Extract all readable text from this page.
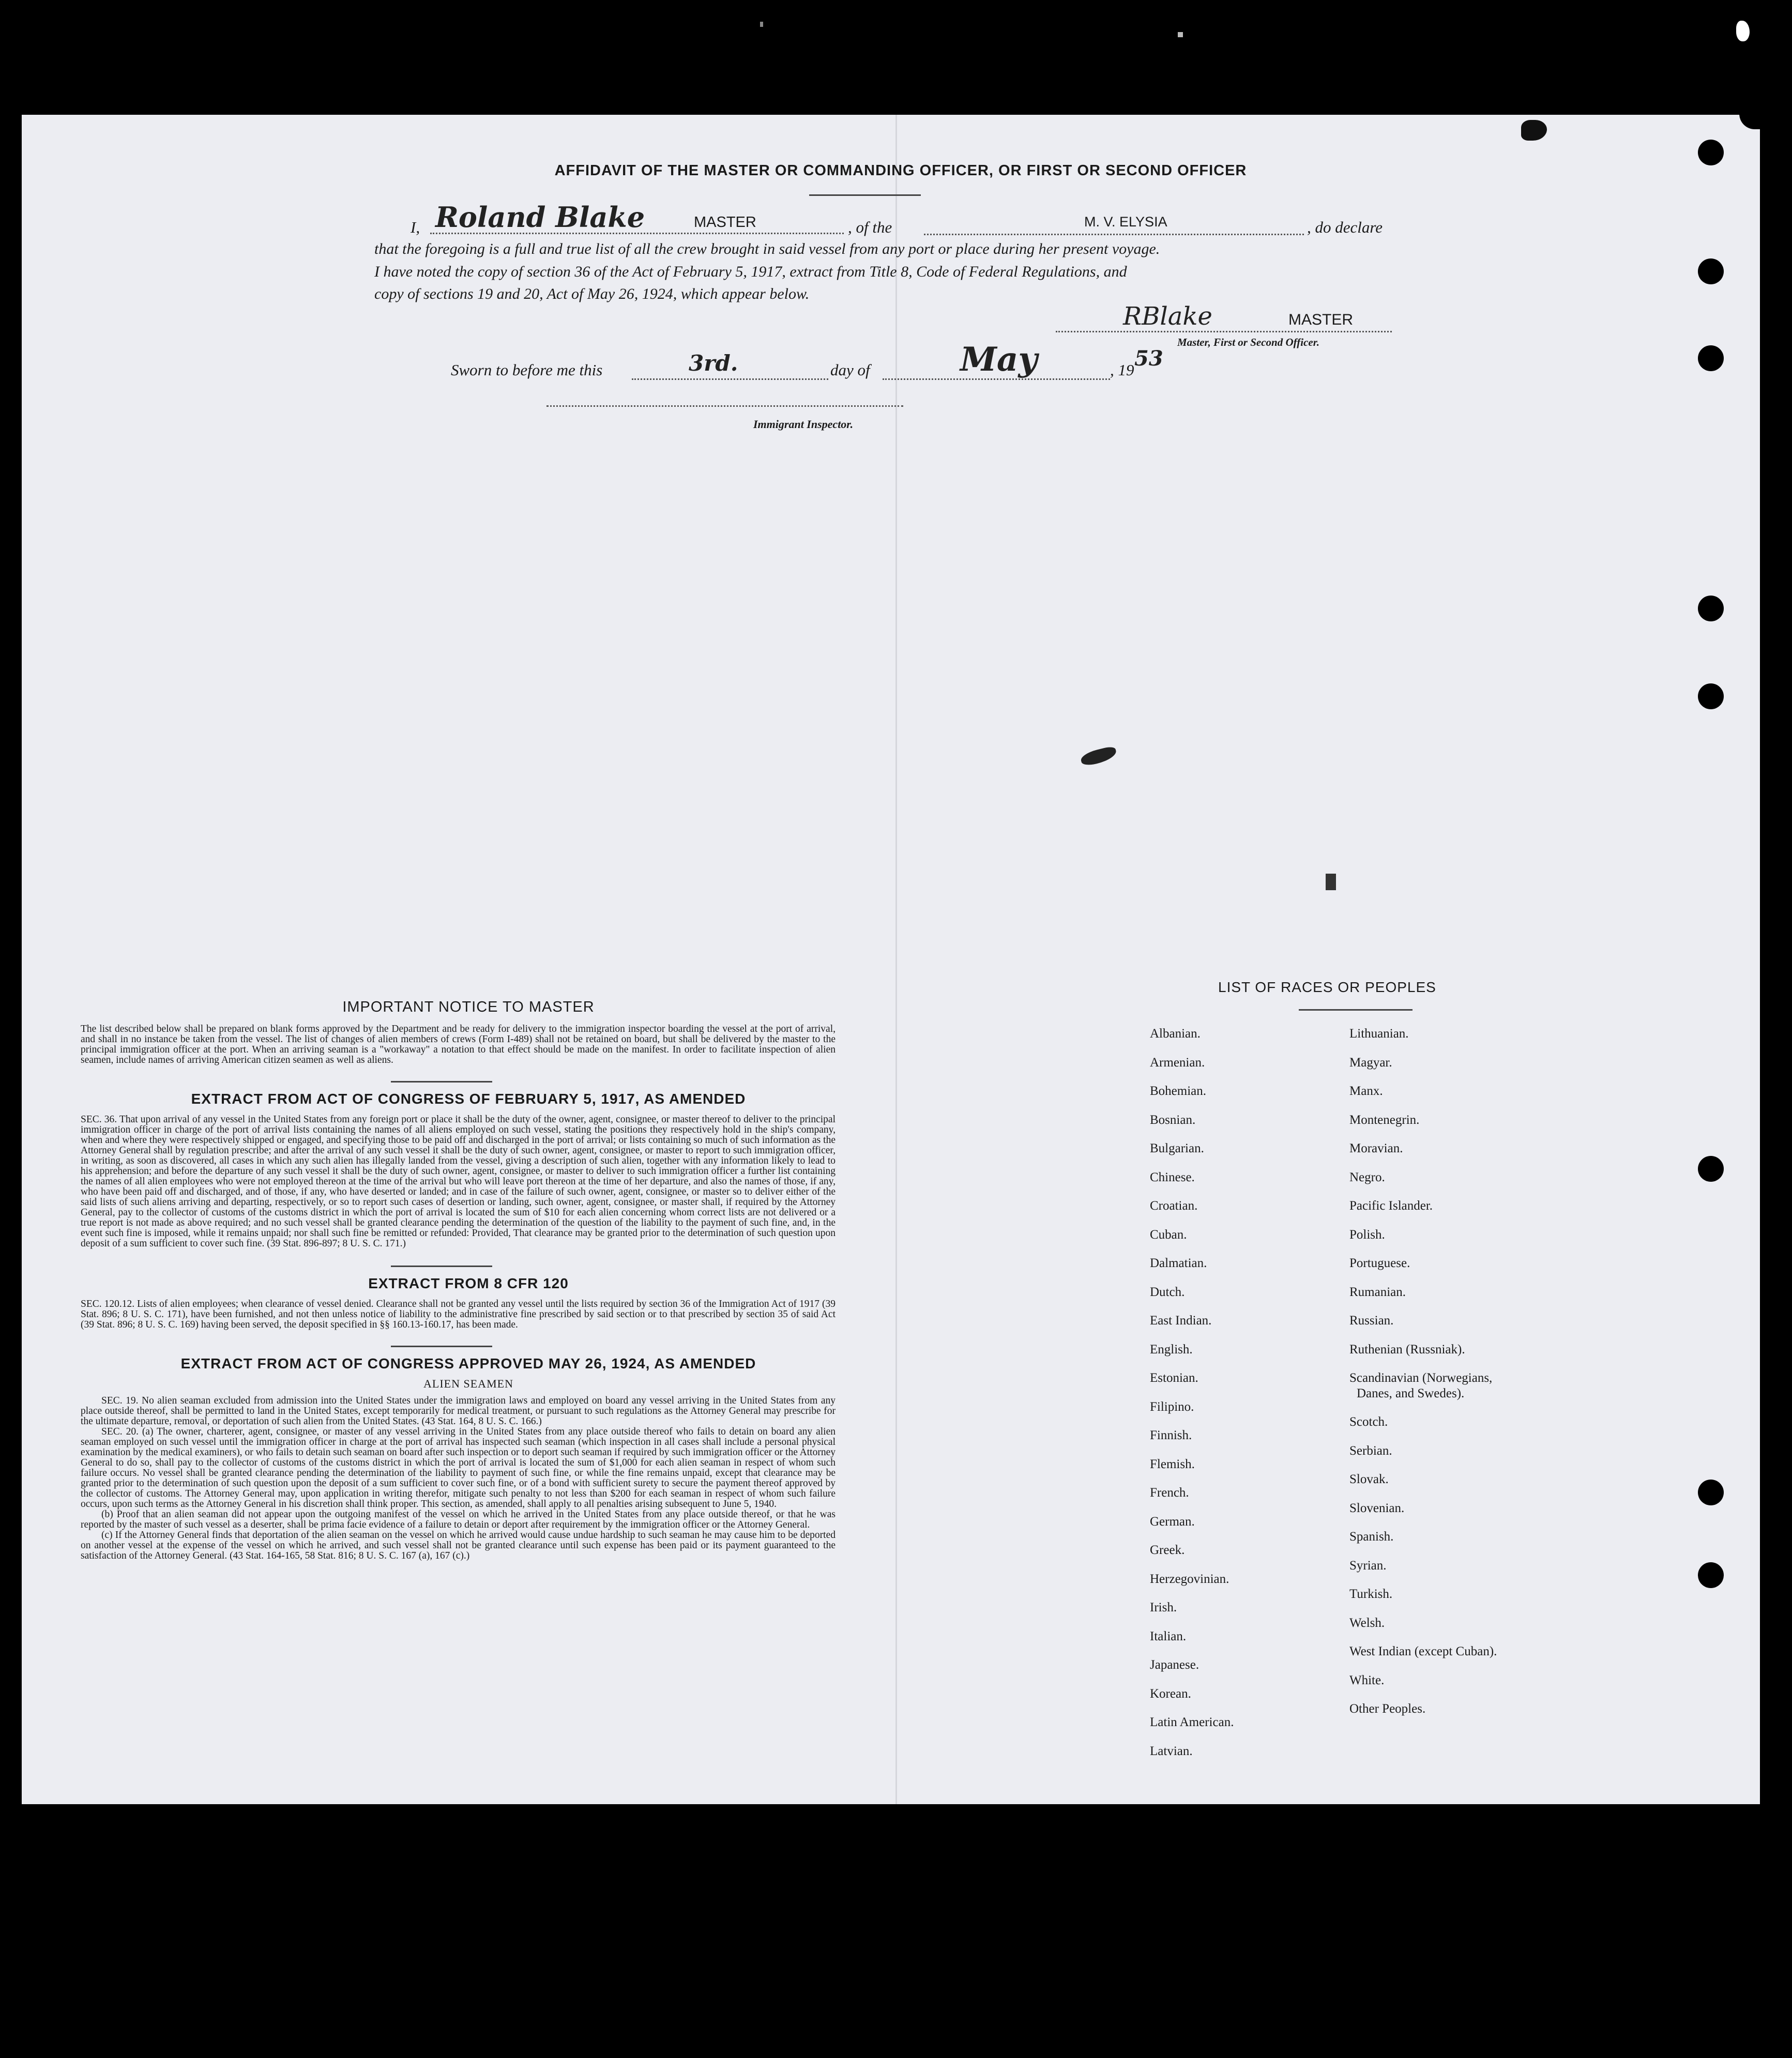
AFFIDAVIT OF THE MASTER OR COMMANDING OFFICER, OR FIRST OR SECOND OFFICER
I, Roland Blake	MASTER	, of the	M. V. ELYSIA	, do declare
that the foregoing is a full and true list of all the crew brought in said vessel from any port or place during her present voyage.
I have noted the copy of section 36 of the Act of February 5, 1917, extract from Title 8, Code of Federal Regulations, and
copy of sections 19 and 20, Act of May 26, 1924, which appear below.
RBlake	MASTER
Master, First or Second Officer.
Sworn to before me this	3rd.	day of	May	, 19 53
Immigrant Inspector.
IMPORTANT NOTICE TO MASTER
The list described below shall be prepared on blank forms approved by the Department and be ready for delivery to the immigration inspector boarding the vessel at the port of arrival, and shall in no instance be taken from the vessel. The list of changes of alien members of crews (Form I-489) shall not be retained on board, but shall be delivered by the master to the principal immigration officer at the port. When an arriving seaman is a "workaway" a notation to that effect should be made on the manifest. In order to facilitate inspection of alien seamen, include names of arriving American citizen seamen as well as aliens.
EXTRACT FROM ACT OF CONGRESS OF FEBRUARY 5, 1917, AS AMENDED
SEC. 36. That upon arrival of any vessel in the United States from any foreign port or place it shall be the duty of the owner, agent, consignee, or master thereof to deliver to the principal immigration officer in charge of the port of arrival lists containing the names of all aliens employed on such vessel, stating the positions they respectively hold in the ship's company, when and where they were respectively shipped or engaged, and specifying those to be paid off and discharged in the port of arrival; or lists containing so much of such information as the Attorney General shall by regulation prescribe; and after the arrival of any such vessel it shall be the duty of such owner, agent, consignee, or master to report to such immigration officer, in writing, as soon as discovered, all cases in which any such alien has illegally landed from the vessel, giving a description of such alien, together with any information likely to lead to his apprehension; and before the departure of any such vessel it shall be the duty of such owner, agent, consignee, or master to deliver to such immigration officer a further list containing the names of all alien employees who were not employed thereon at the time of the arrival but who will leave port thereon at the time of her departure, and also the names of those, if any, who have been paid off and discharged, and of those, if any, who have deserted or landed; and in case of the failure of such owner, agent, consignee, or master so to deliver either of the said lists of such aliens arriving and departing, respectively, or so to report such cases of desertion or landing, such owner, agent, consignee, or master shall, if required by the Attorney General, pay to the collector of customs of the customs district in which the port of arrival is located the sum of $10 for each alien concerning whom correct lists are not delivered or a true report is not made as above required; and no such vessel shall be granted clearance pending the determination of the question of the liability to the payment of such fine, and, in the event such fine is imposed, while it remains unpaid; nor shall such fine be remitted or refunded: Provided, That clearance may be granted prior to the determination of such question upon deposit of a sum sufficient to cover such fine. (39 Stat. 896-897; 8 U. S. C. 171.)
EXTRACT FROM 8 CFR 120
SEC. 120.12. Lists of alien employees; when clearance of vessel denied. Clearance shall not be granted any vessel until the lists required by section 36 of the Immigration Act of 1917 (39 Stat. 896; 8 U. S. C. 171), have been furnished, and not then unless notice of liability to the administrative fine prescribed by said section or to that prescribed by section 35 of said Act (39 Stat. 896; 8 U. S. C. 169) having been served, the deposit specified in §§ 160.13-160.17, has been made.
EXTRACT FROM ACT OF CONGRESS APPROVED MAY 26, 1924, AS AMENDED
ALIEN SEAMEN
SEC. 19. No alien seaman excluded from admission into the United States under the immigration laws and employed on board any vessel arriving in the United States from any place outside thereof, shall be permitted to land in the United States, except temporarily for medical treatment, or pursuant to such regulations as the Attorney General may prescribe for the ultimate departure, removal, or deportation of such alien from the United States. (43 Stat. 164, 8 U. S. C. 166.)
SEC. 20. (a) The owner, charterer, agent, consignee, or master of any vessel arriving in the United States from any place outside thereof who fails to detain on board any alien seaman employed on such vessel until the immigration officer in charge at the port of arrival has inspected such seaman (which inspection in all cases shall include a personal physical examination by the medical examiners), or who fails to detain such seaman on board after such inspection or to deport such seaman if required by such immigration officer or the Attorney General to do so, shall pay to the collector of customs of the customs district in which the port of arrival is located the sum of $1,000 for each alien seaman in respect of whom such failure occurs. No vessel shall be granted clearance pending the determination of the liability to payment of such fine, or while the fine remains unpaid, except that clearance may be granted prior to the determination of such question upon the deposit of a sum sufficient to cover such fine, or of a bond with sufficient surety to secure the payment thereof approved by the collector of customs. The Attorney General may, upon application in writing therefor, mitigate such penalty to not less than $200 for each seaman in respect of whom such failure occurs, upon such terms as the Attorney General in his discretion shall think proper. This section, as amended, shall apply to all penalties arising subsequent to June 5, 1940.
(b) Proof that an alien seaman did not appear upon the outgoing manifest of the vessel on which he arrived in the United States from any place outside thereof, or that he was reported by the master of such vessel as a deserter, shall be prima facie evidence of a failure to detain or deport after requirement by the immigration officer or the Attorney General.
(c) If the Attorney General finds that deportation of the alien seaman on the vessel on which he arrived would cause undue hardship to such seaman he may cause him to be deported on another vessel at the expense of the vessel on which he arrived, and such vessel shall not be granted clearance until such expense has been paid or its payment guaranteed to the satisfaction of the Attorney General. (43 Stat. 164-165, 58 Stat. 816; 8 U. S. C. 167 (a), 167 (c).)
LIST OF RACES OR PEOPLES
Albanian.
Armenian.
Bohemian.
Bosnian.
Bulgarian.
Chinese.
Croatian.
Cuban.
Dalmatian.
Dutch.
East Indian.
English.
Estonian.
Filipino.
Finnish.
Flemish.
French.
German.
Greek.
Herzegovinian.
Irish.
Italian.
Japanese.
Korean.
Latin American.
Latvian.
Lithuanian.
Magyar.
Manx.
Montenegrin.
Moravian.
Negro.
Pacific Islander.
Polish.
Portuguese.
Rumanian.
Russian.
Ruthenian (Russniak).
Scandinavian (Norwegians,
Danes, and Swedes).
Scotch.
Serbian.
Slovak.
Slovenian.
Spanish.
Syrian.
Turkish.
Welsh.
West Indian (except Cuban).
White.
Other Peoples.
